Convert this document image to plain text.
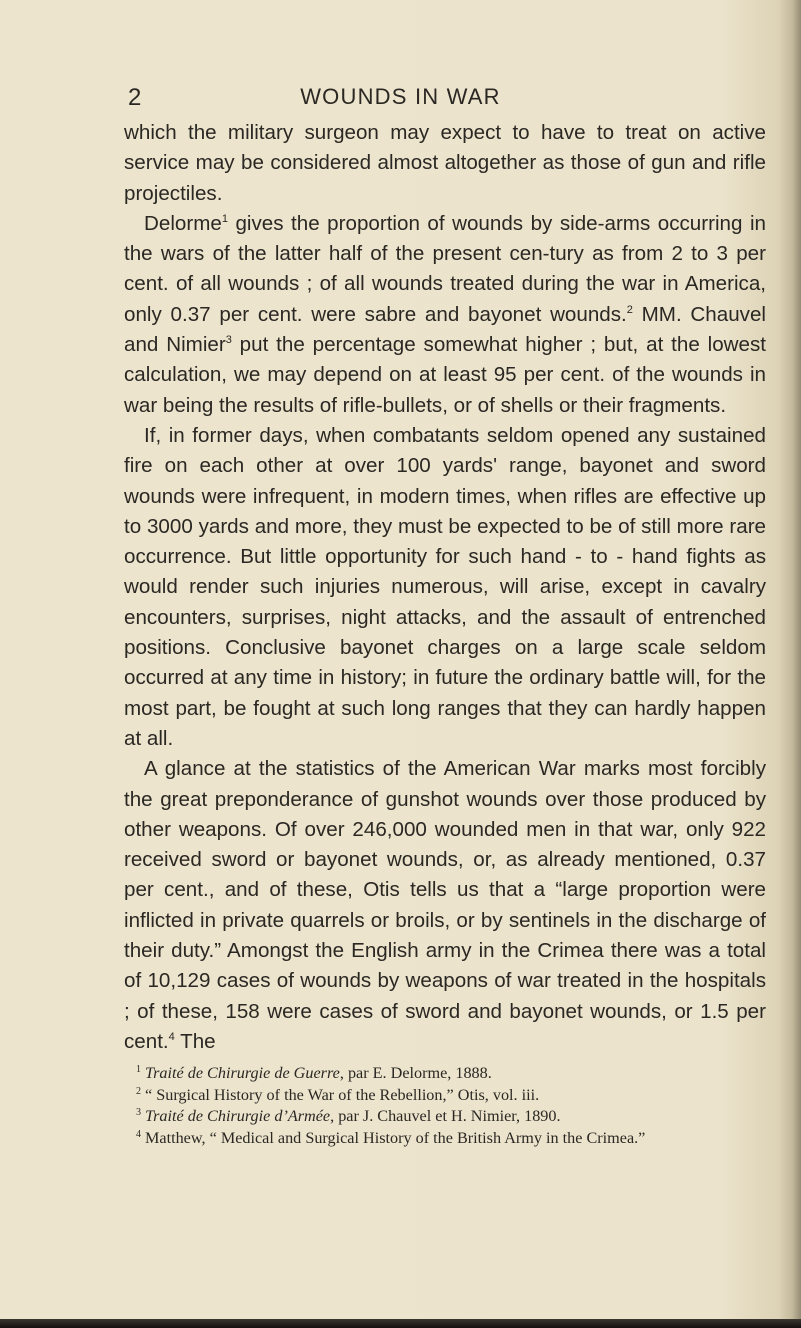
2	WOUNDS IN WAR

which the military surgeon may expect to have to treat on active service may be considered almost altogether as those of gun and rifle projectiles.

Delorme$^1$ gives the proportion of wounds by side-arms occurring in the wars of the latter half of the present cen-tury as from 2 to 3 per cent. of all wounds ; of all wounds treated during the war in America, only 0.37 per cent. were sabre and bayonet wounds.$^2$ MM. Chauvel and Nimier$^3$ put the percentage somewhat higher ; but, at the lowest calculation, we may depend on at least 95 per cent. of the wounds in war being the results of rifle-bullets, or of shells or their fragments.

If, in former days, when combatants seldom opened any sustained fire on each other at over 100 yards' range, bayonet and sword wounds were infrequent, in modern times, when rifles are effective up to 3000 yards and more, they must be expected to be of still more rare occurrence. But little opportunity for such hand - to - hand fights as would render such injuries numerous, will arise, except in cavalry encounters, surprises, night attacks, and the assault of entrenched positions. Conclusive bayonet charges on a large scale seldom occurred at any time in history; in future the ordinary battle will, for the most part, be fought at such long ranges that they can hardly happen at all.

A glance at the statistics of the American War marks most forcibly the great preponderance of gunshot wounds over those produced by other weapons. Of over 246,000 wounded men in that war, only 922 received sword or bayonet wounds, or, as already mentioned, 0.37 per cent., and of these, Otis tells us that a “large proportion were inflicted in private quarrels or broils, or by sentinels in the discharge of their duty.” Amongst the English army in the Crimea there was a total of 10,129 cases of wounds by weapons of war treated in the hospitals ; of these, 158 were cases of sword and bayonet wounds, or 1.5 per cent.$^4$ The

$^1$ Traité de Chirurgie de Guerre, par E. Delorme, 1888.

$^2$ “ Surgical History of the War of the Rebellion,” Otis, vol. iii.

$^3$ Traité de Chirurgie d’Armée, par J. Chauvel et H. Nimier, 1890.

$^4$ Matthew, “ Medical and Surgical History of the British Army in the Crimea.”
